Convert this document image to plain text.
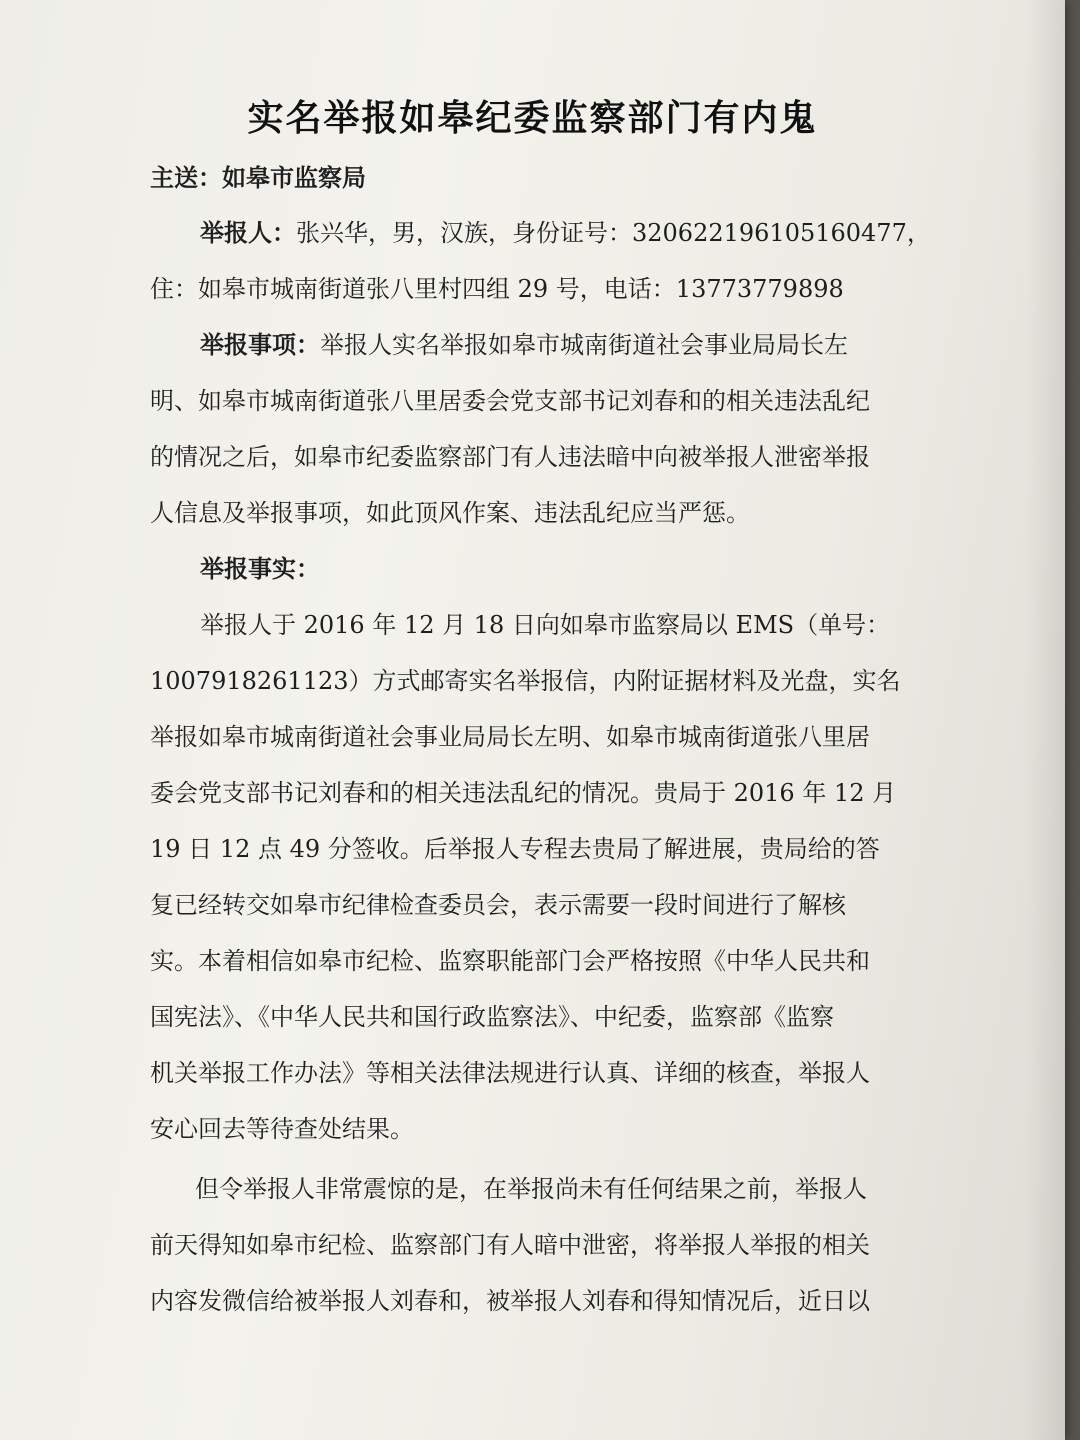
实名举报如皋纪委监察部门有内鬼
主送：如皋市监察局
举报人：张兴华，男，汉族，身份证号：320622196105160477，
住：如皋市城南街道张八里村四组 29 号，电话：13773779898
举报事项：举报人实名举报如皋市城南街道社会事业局局长左
明、如皋市城南街道张八里居委会党支部书记刘春和的相关违法乱纪
的情况之后，如皋市纪委监察部门有人违法暗中向被举报人泄密举报
人信息及举报事项，如此顶风作案、违法乱纪应当严惩。
举报事实：
举报人于 2016 年 12 月 18 日向如皋市监察局以 EMS（单号：
1007918261123）方式邮寄实名举报信，内附证据材料及光盘，实名
举报如皋市城南街道社会事业局局长左明、如皋市城南街道张八里居
委会党支部书记刘春和的相关违法乱纪的情况。贵局于 2016 年 12 月
19 日 12 点 49 分签收。后举报人专程去贵局了解进展，贵局给的答
复已经转交如皋市纪律检查委员会，表示需要一段时间进行了解核
实。本着相信如皋市纪检、监察职能部门会严格按照《中华人民共和
国宪法》、《中华人民共和国行政监察法》、中纪委，监察部《监察
机关举报工作办法》等相关法律法规进行认真、详细的核查，举报人
安心回去等待查处结果。
但令举报人非常震惊的是，在举报尚未有任何结果之前，举报人
前天得知如皋市纪检、监察部门有人暗中泄密，将举报人举报的相关
内容发微信给被举报人刘春和，被举报人刘春和得知情况后，近日以
